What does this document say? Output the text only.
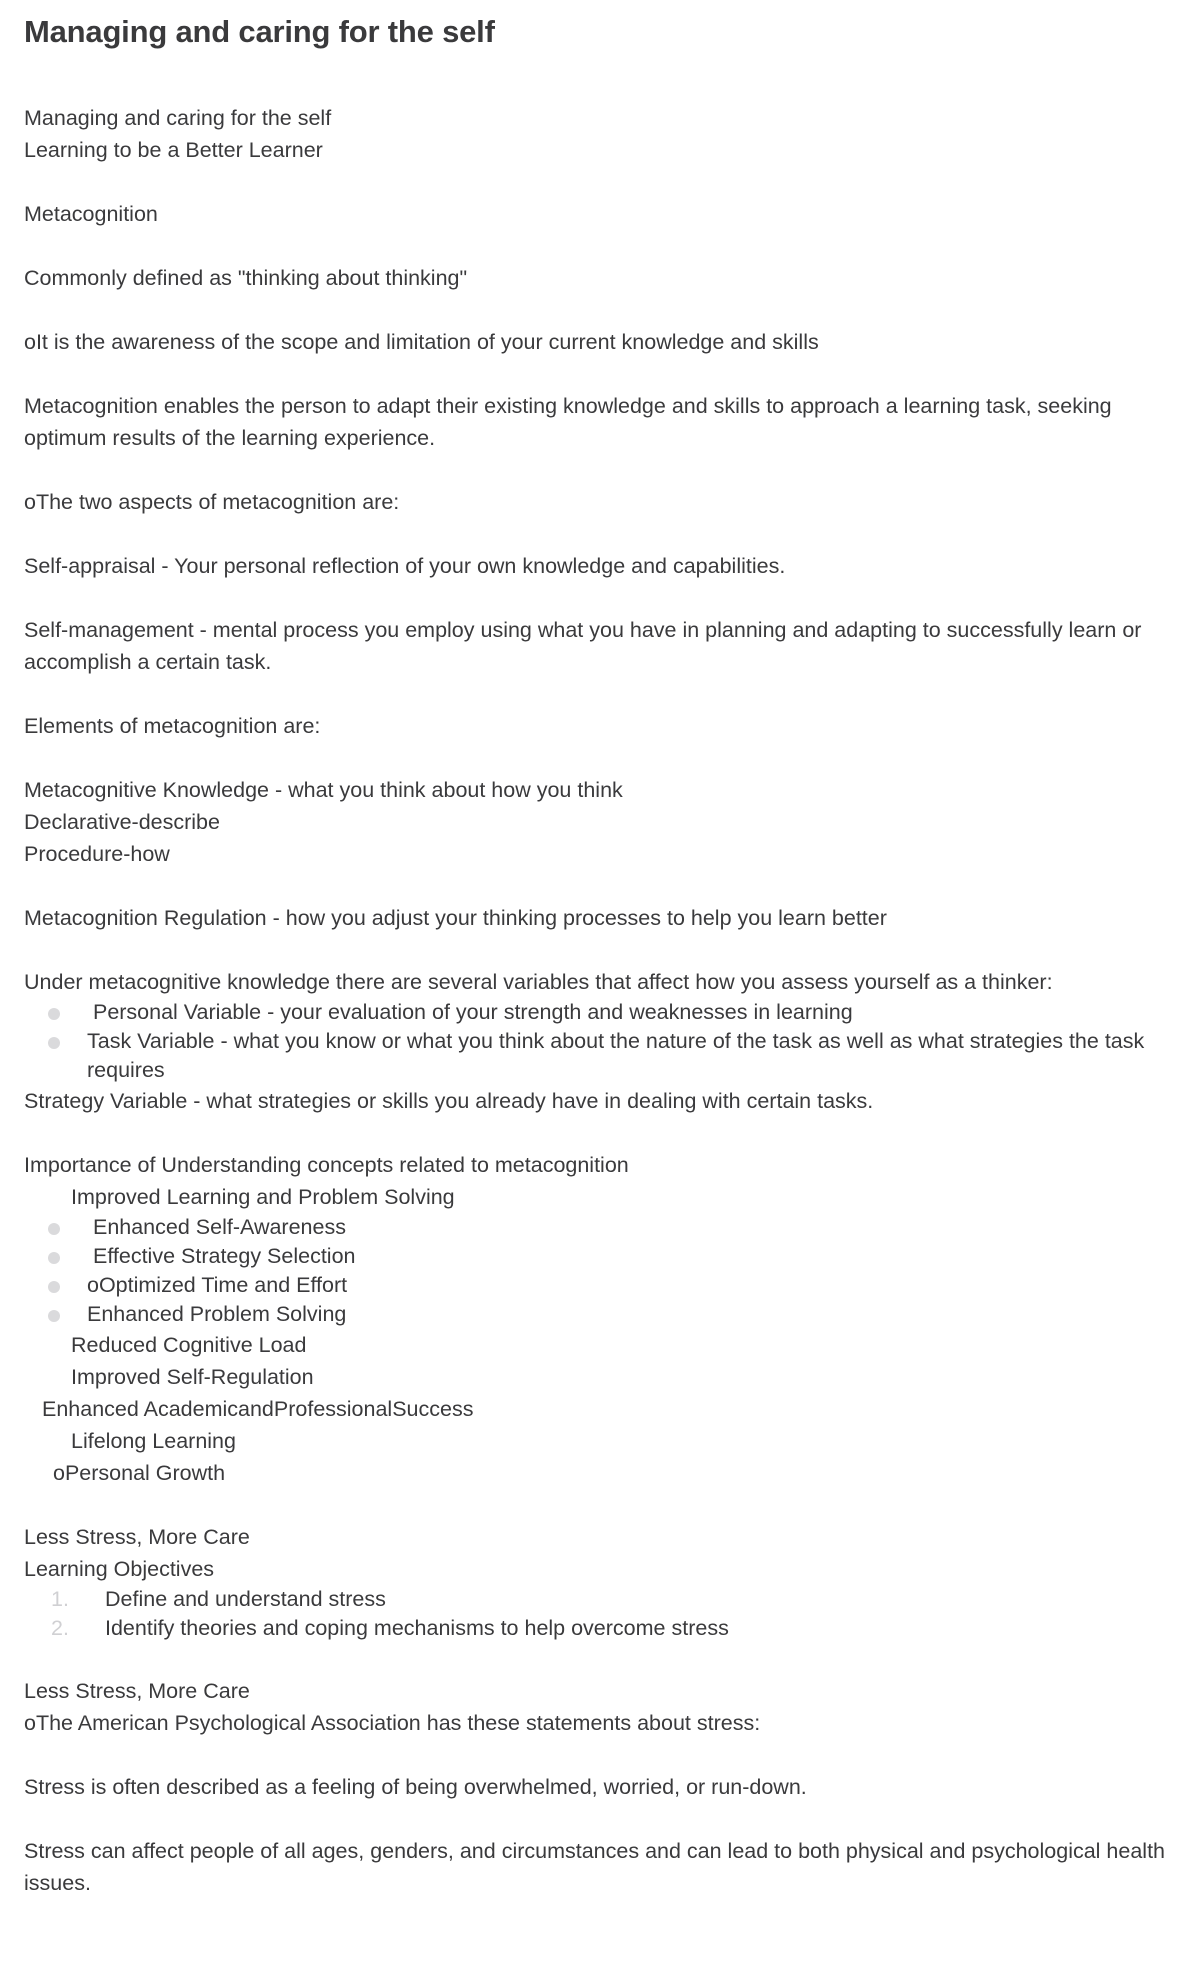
Managing and caring for the self
Managing and caring for the self
Learning to be a Better Learner
Metacognition
Commonly defined as "thinking about thinking"
oIt is the awareness of the scope and limitation of your current knowledge and skills
Metacognition enables the person to adapt their existing knowledge and skills to approach a learning task, seeking optimum results of the learning experience.
oThe two aspects of metacognition are:
Self-appraisal - Your personal reflection of your own knowledge and capabilities.
Self-management - mental process you employ using what you have in planning and adapting to successfully learn or accomplish a certain task.
Elements of metacognition are:
Metacognitive Knowledge - what you think about how you think
Declarative-describe
Procedure-how
Metacognition Regulation - how you adjust your thinking processes to help you learn better
Under metacognitive knowledge there are several variables that affect how you assess yourself as a thinker:
Personal Variable - your evaluation of your strength and weaknesses in learning
Task Variable - what you know or what you think about the nature of the task as well as what strategies the task requires
Strategy Variable - what strategies or skills you already have in dealing with certain tasks.
Importance of Understanding concepts related to metacognition
Improved Learning and Problem Solving
Enhanced Self-Awareness
Effective Strategy Selection
oOptimized Time and Effort
Enhanced Problem Solving
Reduced Cognitive Load
Improved Self-Regulation
Enhanced AcademicandProfessionalSuccess
Lifelong Learning
oPersonal Growth
Less Stress, More Care
Learning Objectives
1. Define and understand stress
2. Identify theories and coping mechanisms to help overcome stress
Less Stress, More Care
oThe American Psychological Association has these statements about stress:
Stress is often described as a feeling of being overwhelmed, worried, or run-down.
Stress can affect people of all ages, genders, and circumstances and can lead to both physical and psychological health issues.
